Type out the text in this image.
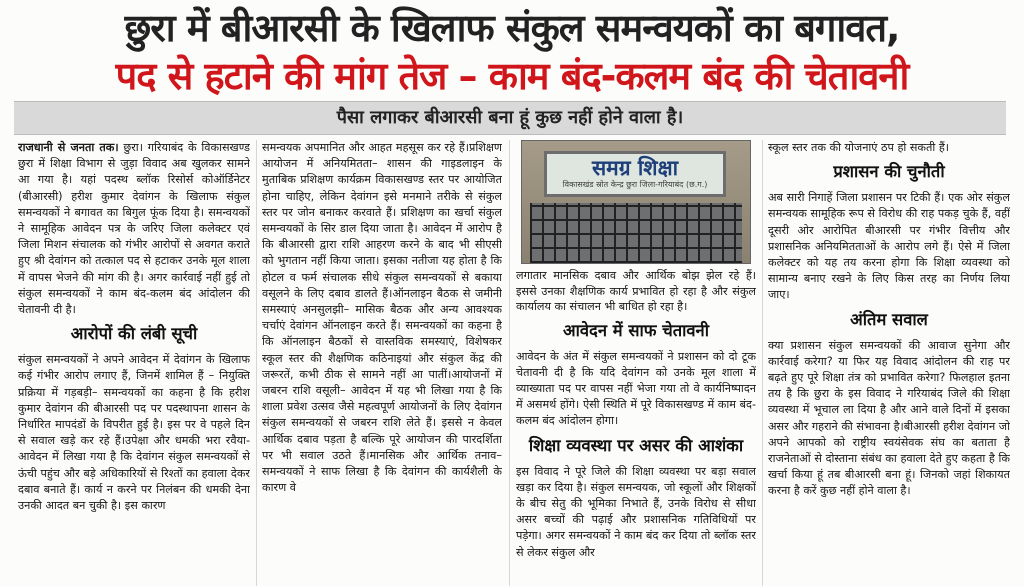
छुरा में बीआरसी के खिलाफ संकुल समन्वयकों का बगावत,
पद से हटाने की मांग तेज – काम बंद-कलम बंद की चेतावनी
पैसा लगाकर बीआरसी बना हूं कुछ नहीं होने वाला है।

राजधानी से जनता तक। छुरा। गरियाबंद के विकासखण्ड छुरा में शिक्षा विभाग से जुड़ा विवाद अब खुलकर सामने आ गया है। यहां पदस्थ ब्लॉक रिसोर्स कोऑर्डिनेटर (बीआरसी) हरीश कुमार देवांगन के खिलाफ संकुल समन्वयकों ने बगावत का बिगुल फूंक दिया है। समन्वयकों ने सामूहिक आवेदन पत्र के जरिए जिला कलेक्टर एवं जिला मिशन संचालक को गंभीर आरोपों से अवगत कराते हुए श्री देवांगन को तत्काल पद से हटाकर उनके मूल शाला में वापस भेजने की मांग की है। अगर कार्रवाई नहीं हुई तो संकुल समन्वयकों ने काम बंद-कलम बंद आंदोलन की चेतावनी दी है।

आरोपों की लंबी सूची

संकुल समन्वयकों ने अपने आवेदन में देवांगन के खिलाफ कई गंभीर आरोप लगाए हैं, जिनमें शामिल हैं – नियुक्ति प्रक्रिया में गड़बड़ी– समन्वयकों का कहना है कि हरीश कुमार देवांगन की बीआरसी पद पर पदस्थापना शासन के निर्धारित मापदंडों के विपरीत हुई है। इस पर वे पहले दिन से सवाल खड़े कर रहे हैं।उपेक्षा और धमकी भरा रवैया- आवेदन में लिखा गया है कि देवांगन संकुल समन्वयकों से ऊंची पहुंच और बड़े अधिकारियों से रिश्तों का हवाला देकर दबाव बनाते हैं। कार्य न करने पर निलंबन की धमकी देना उनकी आदत बन चुकी है। इस कारण

समन्वयक अपमानित और आहत महसूस कर रहे हैं।प्रशिक्षण आयोजन में अनियमितता– शासन की गाइडलाइन के मुताबिक प्रशिक्षण कार्यक्रम विकासखण्ड स्तर पर आयोजित होना चाहिए, लेकिन देवांगन इसे मनमाने तरीके से संकुल स्तर पर जोन बनाकर करवाते हैं। प्रशिक्षण का खर्चा संकुल समन्वयकों के सिर डाल दिया जाता है। आवेदन में आरोप है कि बीआरसी द्वारा राशि आहरण करने के बाद भी सीएसी को भुगतान नहीं किया जाता। इसका नतीजा यह होता है कि होटल व फर्म संचालक सीधे संकुल समन्वयकों से बकाया वसूलने के लिए दबाव डालते हैं।ऑनलाइन बैठक से जमीनी समस्याएं अनसुलझी– मासिक बैठक और अन्य आवश्यक चर्चाएं देवांगन ऑनलाइन करते हैं। समन्वयकों का कहना है कि ऑनलाइन बैठकों से वास्तविक समस्याएं, विशेषकर स्कूल स्तर की शैक्षणिक कठिनाइयां और संकुल केंद्र की जरूरतें, कभी ठीक से सामने नहीं आ पातीं।आयोजनों में जबरन राशि वसूली– आवेदन में यह भी लिखा गया है कि शाला प्रवेश उत्सव जैसे महत्वपूर्ण आयोजनों के लिए देवांगन संकुल समन्वयकों से जबरन राशि लेते हैं। इससे न केवल आर्थिक दबाव पड़ता है बल्कि पूरे आयोजन की पारदर्शिता पर भी सवाल उठते हैं।मानसिक और आर्थिक तनाव– समन्वयकों ने साफ लिखा है कि देवांगन की कार्यशैली के कारण वे

समग्र शिक्षा
विकासखंड स्रोत केन्द्र छुरा जिला-गरियाबंद (छ.ग.)

लगातार मानसिक दबाव और आर्थिक बोझ झेल रहे हैं। इससे उनका शैक्षणिक कार्य प्रभावित हो रहा है और संकुल कार्यालय का संचालन भी बाधित हो रहा है।

आवेदन में साफ चेतावनी

आवेदन के अंत में संकुल समन्वयकों ने प्रशासन को दो टूक चेतावनी दी है कि यदि देवांगन को उनके मूल शाला में व्याख्याता पद पर वापस नहीं भेजा गया तो वे कार्यनिष्पादन में असमर्थ होंगे। ऐसी स्थिति में पूरे विकासखण्ड में काम बंद-कलम बंद आंदोलन होगा।

शिक्षा व्यवस्था पर असर की आशंका

इस विवाद ने पूरे जिले की शिक्षा व्यवस्था पर बड़ा सवाल खड़ा कर दिया है। संकुल समन्वयक, जो स्कूलों और शिक्षकों के बीच सेतु की भूमिका निभाते हैं, उनके विरोध से सीधा असर बच्चों की पढ़ाई और प्रशासनिक गतिविधियों पर पड़ेगा। अगर समन्वयकों ने काम बंद कर दिया तो ब्लॉक स्तर से लेकर संकुल और

स्कूल स्तर तक की योजनाएं ठप हो सकती हैं।

प्रशासन की चुनौती

अब सारी निगाहें जिला प्रशासन पर टिकी हैं। एक ओर संकुल समन्वयक सामूहिक रूप से विरोध की राह पकड़ चुके हैं, वहीं दूसरी ओर आरोपित बीआरसी पर गंभीर वित्तीय और प्रशासनिक अनियमितताओं के आरोप लगे हैं। ऐसे में जिला कलेक्टर को यह तय करना होगा कि शिक्षा व्यवस्था को सामान्य बनाए रखने के लिए किस तरह का निर्णय लिया जाए।

अंतिम सवाल

क्या प्रशासन संकुल समन्वयकों की आवाज सुनेगा और कार्रवाई करेगा? या फिर यह विवाद आंदोलन की राह पर बढ़ते हुए पूरे शिक्षा तंत्र को प्रभावित करेगा? फिलहाल इतना तय है कि छुरा के इस विवाद ने गरियाबंद जिले की शिक्षा व्यवस्था में भूचाल ला दिया है और आने वाले दिनों में इसका असर और गहराने की संभावना है।बीआरसी हरीश देवांगन जो अपने आपको को राष्ट्रीय स्वयंसेवक संघ का बताता है राजनेताओं से दोस्ताना संबंध का हवाला देते हुए कहता है कि खर्चा किया हूं तब बीआरसी बना हूं। जिनको जहां शिकायत करना है करें कुछ नहीं होने वाला है।
